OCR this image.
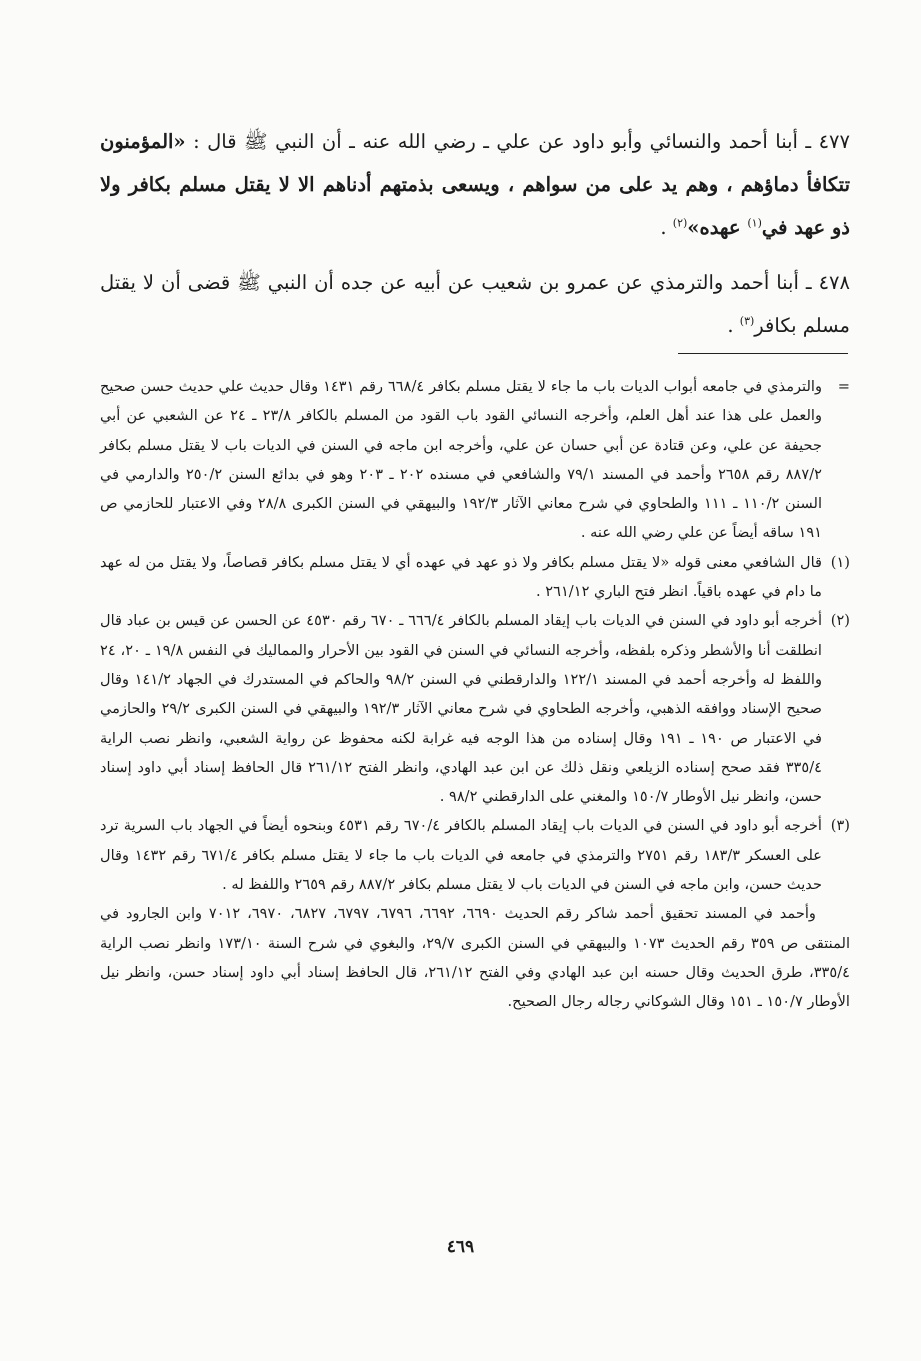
٤٧٧ ـ أبنا أحمد والنسائي وأبو داود عن علي ـ رضي الله عنه ـ أن النبي ﷺ قال : «المؤمنون تتكافأ دماؤهم ، وهم يد على من سواهم ، ويسعى بذمتهم أدناهم الا لا يقتل مسلم بكافر ولا ذو عهد في$^{(١)}$ عهده»$^{(٢)}$ .

٤٧٨ ـ أبنا أحمد والترمذي عن عمرو بن شعيب عن أبيه عن جده أن النبي ﷺ قضى أن لا يقتل مسلم بكافر$^{(٣)}$ .

=
والترمذي في جامعه أبواب الديات باب ما جاء لا يقتل مسلم بكافر ٦٦٨/٤ رقم ١٤٣١ وقال حديث علي حديث حسن صحيح والعمل على هذا عند أهل العلم، وأخرجه النسائي القود باب القود من المسلم بالكافر ٢٣/٨ ـ ٢٤ عن الشعبي عن أبي جحيفة عن علي، وعن قتادة عن أبي حسان عن علي، وأخرجه ابن ماجه في السنن في الديات باب لا يقتل مسلم بكافر ٨٨٧/٢ رقم ٢٦٥٨ وأحمد في المسند ٧٩/١ والشافعي في مسنده ٢٠٢ ـ ٢٠٣ وهو في بدائع السنن ٢٥٠/٢ والدارمي في السنن ١١٠/٢ ـ ١١١ والطحاوي في شرح معاني الآثار ١٩٢/٣ والبيهقي في السنن الكبرى ٢٨/٨ وفي الاعتبار للحازمي ص ١٩١ ساقه أيضاً عن علي رضي الله عنه .
(١)
قال الشافعي معنى قوله «لا يقتل مسلم بكافر ولا ذو عهد في عهده أي لا يقتل مسلم بكافر قصاصاً، ولا يقتل من له عهد ما دام في عهده باقياً. انظر فتح الباري ٢٦١/١٢ .
(٢)
أخرجه أبو داود في السنن في الديات باب إيقاد المسلم بالكافر ٦٦٦/٤ ـ ٦٧٠ رقم ٤٥٣٠ عن الحسن عن قيس بن عباد قال انطلقت أنا والأشطر وذكره بلفظه، وأخرجه النسائي في السنن في القود بين الأحرار والمماليك في النفس ١٩/٨ ـ ٢٠، ٢٤ واللفظ له وأخرجه أحمد في المسند ١٢٢/١ والدارقطني في السنن ٩٨/٢ والحاكم في المستدرك في الجهاد ١٤١/٢ وقال صحيح الإسناد ووافقه الذهبي، وأخرجه الطحاوي في شرح معاني الآثار ١٩٢/٣ والبيهقي في السنن الكبرى ٢٩/٢ والحازمي في الاعتبار ص ١٩٠ ـ ١٩١ وقال إسناده من هذا الوجه فيه غرابة لكنه محفوظ عن رواية الشعبي، وانظر نصب الراية ٣٣٥/٤ فقد صحح إسناده الزيلعي ونقل ذلك عن ابن عبد الهادي، وانظر الفتح ٢٦١/١٢ قال الحافظ إسناد أبي داود إسناد حسن، وانظر نيل الأوطار ١٥٠/٧ والمغني على الدارقطني ٩٨/٢ .
(٣)
أخرجه أبو داود في السنن في الديات باب إيقاد المسلم بالكافر ٦٧٠/٤ رقم ٤٥٣١ وبنحوه أيضاً في الجهاد باب السرية ترد على العسكر ١٨٣/٣ رقم ٢٧٥١ والترمذي في جامعه في الديات باب ما جاء لا يقتل مسلم بكافر ٦٧١/٤ رقم ١٤٣٢ وقال حديث حسن، وابن ماجه في السنن في الديات باب لا يقتل مسلم بكافر ٨٨٧/٢ رقم ٢٦٥٩ واللفظ له .

وأحمد في المسند تحقيق أحمد شاكر رقم الحديث ٦٦٩٠، ٦٦٩٢، ٦٧٩٦، ٦٧٩٧، ٦٨٢٧، ٦٩٧٠، ٧٠١٢ وابن الجارود في المنتقى ص ٣٥٩ رقم الحديث ١٠٧٣ والبيهقي في السنن الكبرى ٢٩/٧، والبغوي في شرح السنة ١٧٣/١٠ وانظر نصب الراية ٣٣٥/٤، طرق الحديث وقال حسنه ابن عبد الهادي وفي الفتح ٢٦١/١٢، قال الحافظ إسناد أبي داود إسناد حسن، وانظر نيل الأوطار ١٥٠/٧ ـ ١٥١ وقال الشوكاني رجاله رجال الصحيح.

٤٦٩
